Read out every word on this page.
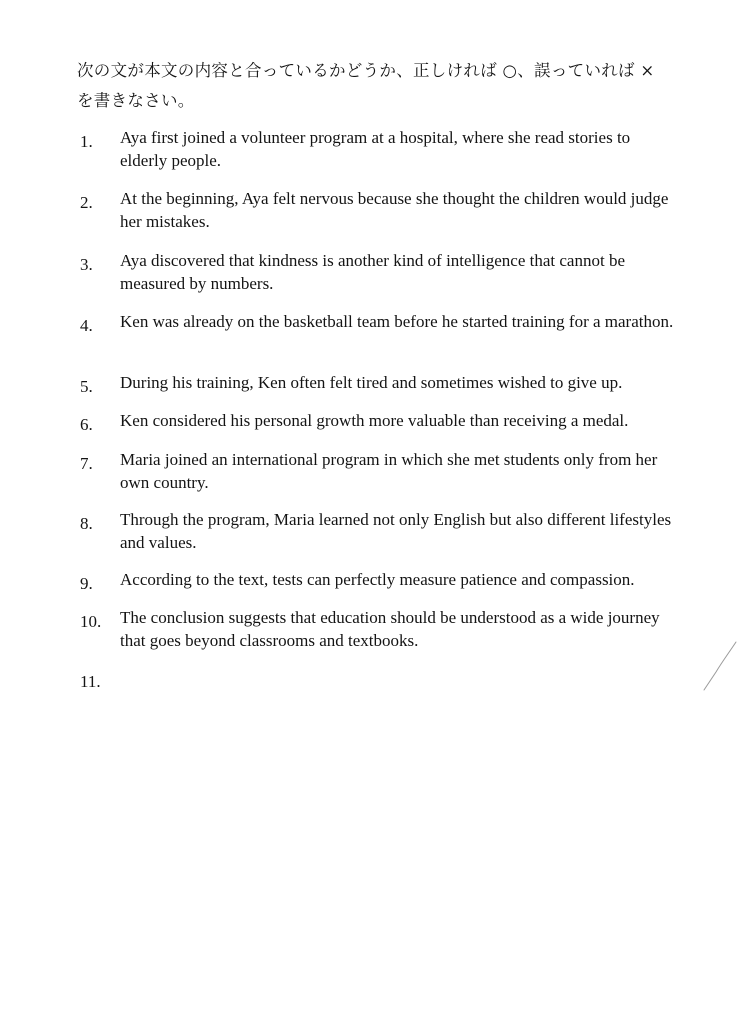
次の文が本文の内容と合っているかどうか、正しければ ○、誤っていれば ×
を書きなさい。
1.	Aya first joined a volunteer program at a hospital, where she read stories to elderly people.
2.	At the beginning, Aya felt nervous because she thought the children would judge her mistakes.
3.	Aya discovered that kindness is another kind of intelligence that cannot be measured by numbers.
4.	Ken was already on the basketball team before he started training for a marathon.
5.	During his training, Ken often felt tired and sometimes wished to give up.
6.	Ken considered his personal growth more valuable than receiving a medal.
7.	Maria joined an international program in which she met students only from her own country.
8.	Through the program, Maria learned not only English but also different lifestyles and values.
9.	According to the text, tests can perfectly measure patience and compassion.
10.	The conclusion suggests that education should be understood as a wide journey that goes beyond classrooms and textbooks.
11.
